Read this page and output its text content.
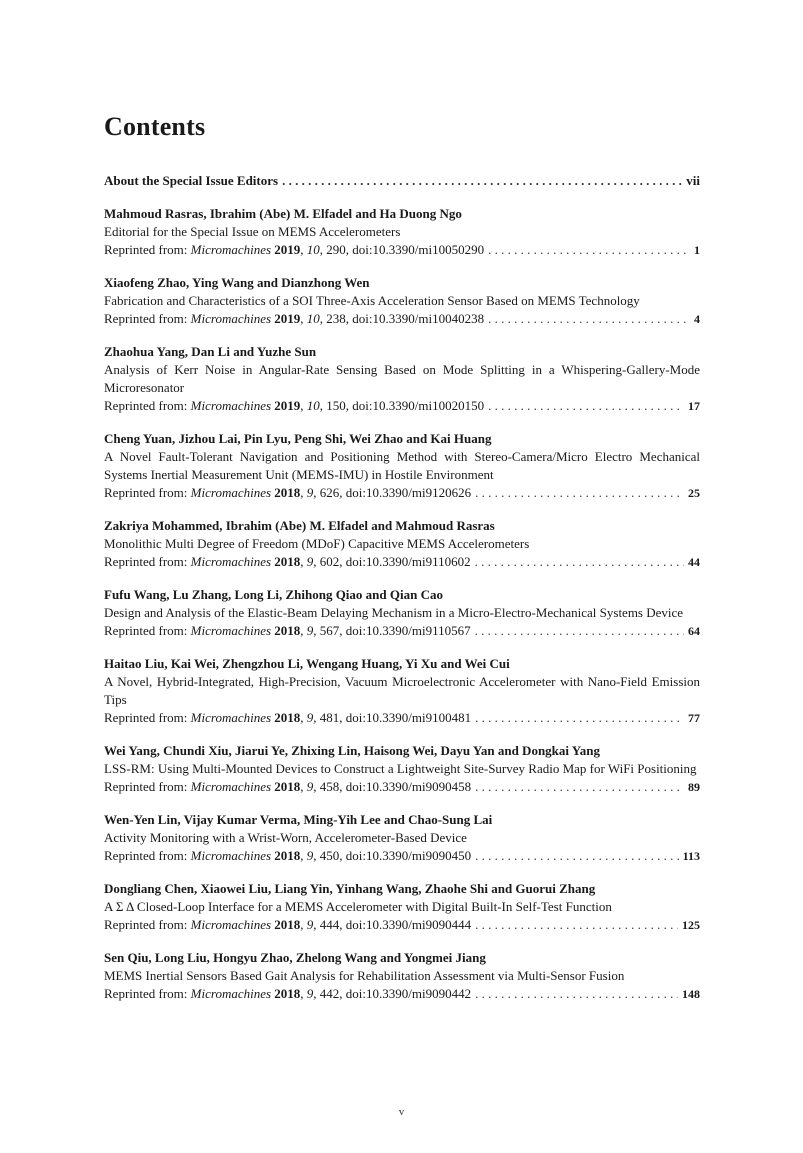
Contents
About the Special Issue Editors . . .	vii
Mahmoud Rasras, Ibrahim (Abe) M. Elfadel and Ha Duong Ngo
Editorial for the Special Issue on MEMS Accelerometers
Reprinted from: Micromachines 2019, 10, 290, doi:10.3390/mi10050290 . . .	1
Xiaofeng Zhao, Ying Wang and Dianzhong Wen
Fabrication and Characteristics of a SOI Three-Axis Acceleration Sensor Based on MEMS Technology
Reprinted from: Micromachines 2019, 10, 238, doi:10.3390/mi10040238 . . .	4
Zhaohua Yang, Dan Li and Yuzhe Sun
Analysis of Kerr Noise in Angular-Rate Sensing Based on Mode Splitting in a Whispering-Gallery-Mode Microresonator
Reprinted from: Micromachines 2019, 10, 150, doi:10.3390/mi10020150 . . .	17
Cheng Yuan, Jizhou Lai, Pin Lyu, Peng Shi, Wei Zhao and Kai Huang
A Novel Fault-Tolerant Navigation and Positioning Method with Stereo-Camera/Micro Electro Mechanical Systems Inertial Measurement Unit (MEMS-IMU) in Hostile Environment
Reprinted from: Micromachines 2018, 9, 626, doi:10.3390/mi9120626 . . .	25
Zakriya Mohammed, Ibrahim (Abe) M. Elfadel and Mahmoud Rasras
Monolithic Multi Degree of Freedom (MDoF) Capacitive MEMS Accelerometers
Reprinted from: Micromachines 2018, 9, 602, doi:10.3390/mi9110602 . . .	44
Fufu Wang, Lu Zhang, Long Li, Zhihong Qiao and Qian Cao
Design and Analysis of the Elastic-Beam Delaying Mechanism in a Micro-Electro-Mechanical Systems Device
Reprinted from: Micromachines 2018, 9, 567, doi:10.3390/mi9110567 . . .	64
Haitao Liu, Kai Wei, Zhengzhou Li, Wengang Huang, Yi Xu and Wei Cui
A Novel, Hybrid-Integrated, High-Precision, Vacuum Microelectronic Accelerometer with Nano-Field Emission Tips
Reprinted from: Micromachines 2018, 9, 481, doi:10.3390/mi9100481 . . .	77
Wei Yang, Chundi Xiu, Jiarui Ye, Zhixing Lin, Haisong Wei, Dayu Yan and Dongkai Yang
LSS-RM: Using Multi-Mounted Devices to Construct a Lightweight Site-Survey Radio Map for WiFi Positioning
Reprinted from: Micromachines 2018, 9, 458, doi:10.3390/mi9090458 . . .	89
Wen-Yen Lin, Vijay Kumar Verma, Ming-Yih Lee and Chao-Sung Lai
Activity Monitoring with a Wrist-Worn, Accelerometer-Based Device
Reprinted from: Micromachines 2018, 9, 450, doi:10.3390/mi9090450 . . .	113
Dongliang Chen, Xiaowei Liu, Liang Yin, Yinhang Wang, Zhaohe Shi and Guorui Zhang
A Σ Δ Closed-Loop Interface for a MEMS Accelerometer with Digital Built-In Self-Test Function
Reprinted from: Micromachines 2018, 9, 444, doi:10.3390/mi9090444 . . .	125
Sen Qiu, Long Liu, Hongyu Zhao, Zhelong Wang and Yongmei Jiang
MEMS Inertial Sensors Based Gait Analysis for Rehabilitation Assessment via Multi-Sensor Fusion
Reprinted from: Micromachines 2018, 9, 442, doi:10.3390/mi9090442 . . .	148
v
